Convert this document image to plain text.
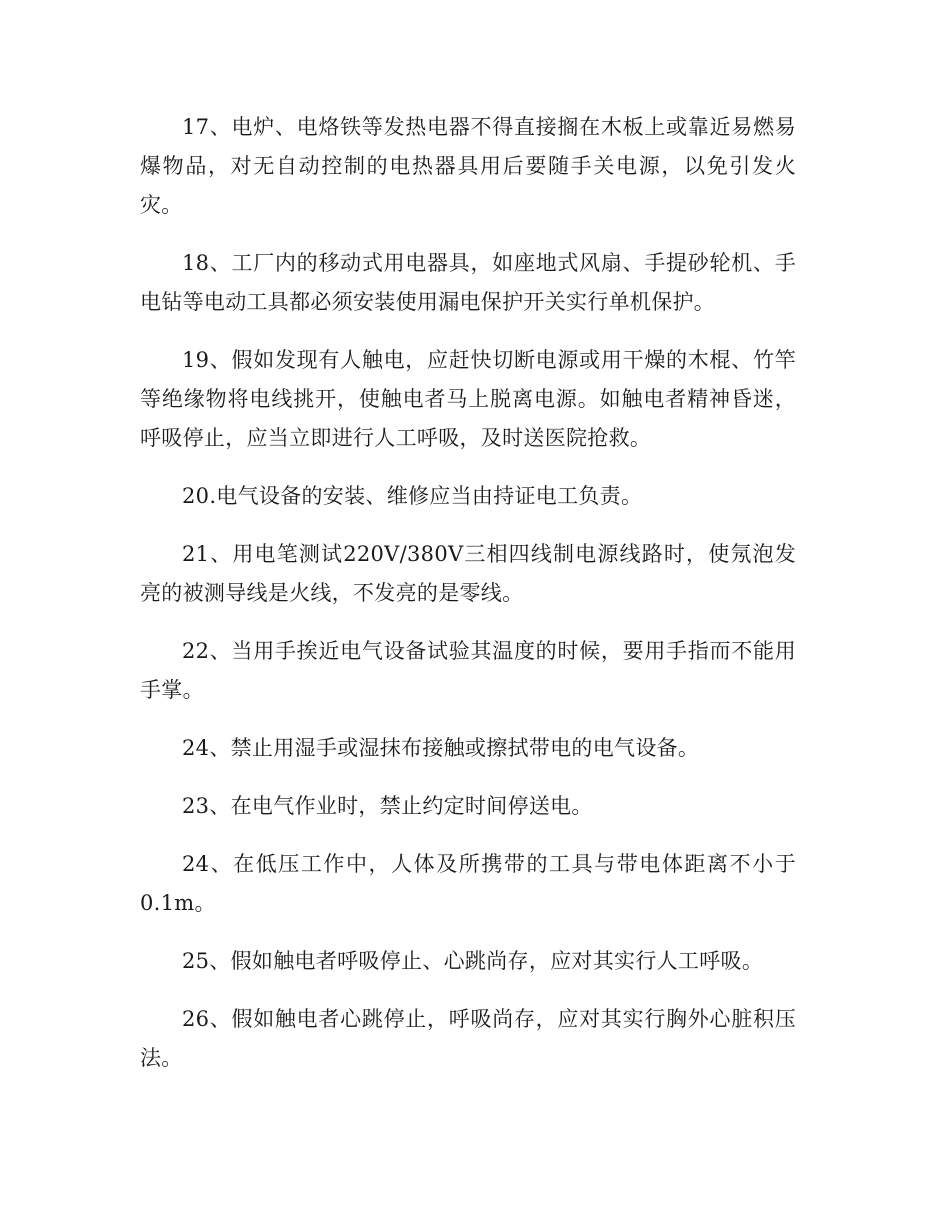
17、电炉、电烙铁等发热电器不得直接搁在木板上或靠近易燃易爆物品，对无自动控制的电热器具用后要随手关电源，以免引发火灾。

18、工厂内的移动式用电器具，如座地式风扇、手提砂轮机、手电钻等电动工具都必须安装使用漏电保护开关实行单机保护。

19、假如发现有人触电，应赶快切断电源或用干燥的木棍、竹竿等绝缘物将电线挑开，使触电者马上脱离电源。如触电者精神昏迷，呼吸停止，应当立即进行人工呼吸，及时送医院抢救。

20.电气设备的安装、维修应当由持证电工负责。

21、用电笔测试220V/380V三相四线制电源线路时，使氖泡发亮的被测导线是火线，不发亮的是零线。

22、当用手挨近电气设备试验其温度的时候，要用手指而不能用手掌。

24、禁止用湿手或湿抹布接触或擦拭带电的电气设备。

23、在电气作业时，禁止约定时间停送电。

24、在低压工作中，人体及所携带的工具与带电体距离不小于0.1m。

25、假如触电者呼吸停止、心跳尚存，应对其实行人工呼吸。

26、假如触电者心跳停止，呼吸尚存，应对其实行胸外心脏积压法。
